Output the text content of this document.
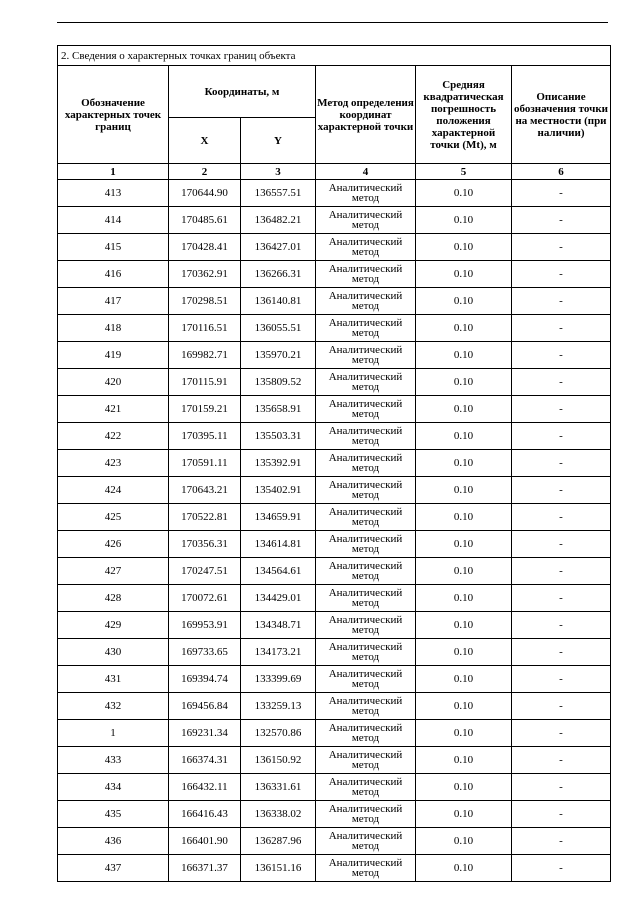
2. Сведения о характерных точках границ объекта					
Обозначение характерных точек границ	Координаты, м		Метод определения координат характерной точки	Средняя квадратическая погрешность положения характерной точки (Mt), м	Описание обозначения точки на местности (при наличии)
	X	Y			
1	2	3	4	5	6
413	170644.90	136557.51	Аналитический метод	0.10	-
414	170485.61	136482.21	Аналитический метод	0.10	-
415	170428.41	136427.01	Аналитический метод	0.10	-
416	170362.91	136266.31	Аналитический метод	0.10	-
417	170298.51	136140.81	Аналитический метод	0.10	-
418	170116.51	136055.51	Аналитический метод	0.10	-
419	169982.71	135970.21	Аналитический метод	0.10	-
420	170115.91	135809.52	Аналитический метод	0.10	-
421	170159.21	135658.91	Аналитический метод	0.10	-
422	170395.11	135503.31	Аналитический метод	0.10	-
423	170591.11	135392.91	Аналитический метод	0.10	-
424	170643.21	135402.91	Аналитический метод	0.10	-
425	170522.81	134659.91	Аналитический метод	0.10	-
426	170356.31	134614.81	Аналитический метод	0.10	-
427	170247.51	134564.61	Аналитический метод	0.10	-
428	170072.61	134429.01	Аналитический метод	0.10	-
429	169953.91	134348.71	Аналитический метод	0.10	-
430	169733.65	134173.21	Аналитический метод	0.10	-
431	169394.74	133399.69	Аналитический метод	0.10	-
432	169456.84	133259.13	Аналитический метод	0.10	-
1	169231.34	132570.86	Аналитический метод	0.10	-
433	166374.31	136150.92	Аналитический метод	0.10	-
434	166432.11	136331.61	Аналитический метод	0.10	-
435	166416.43	136338.02	Аналитический метод	0.10	-
436	166401.90	136287.96	Аналитический метод	0.10	-
437	166371.37	136151.16	Аналитический метод	0.10	-
